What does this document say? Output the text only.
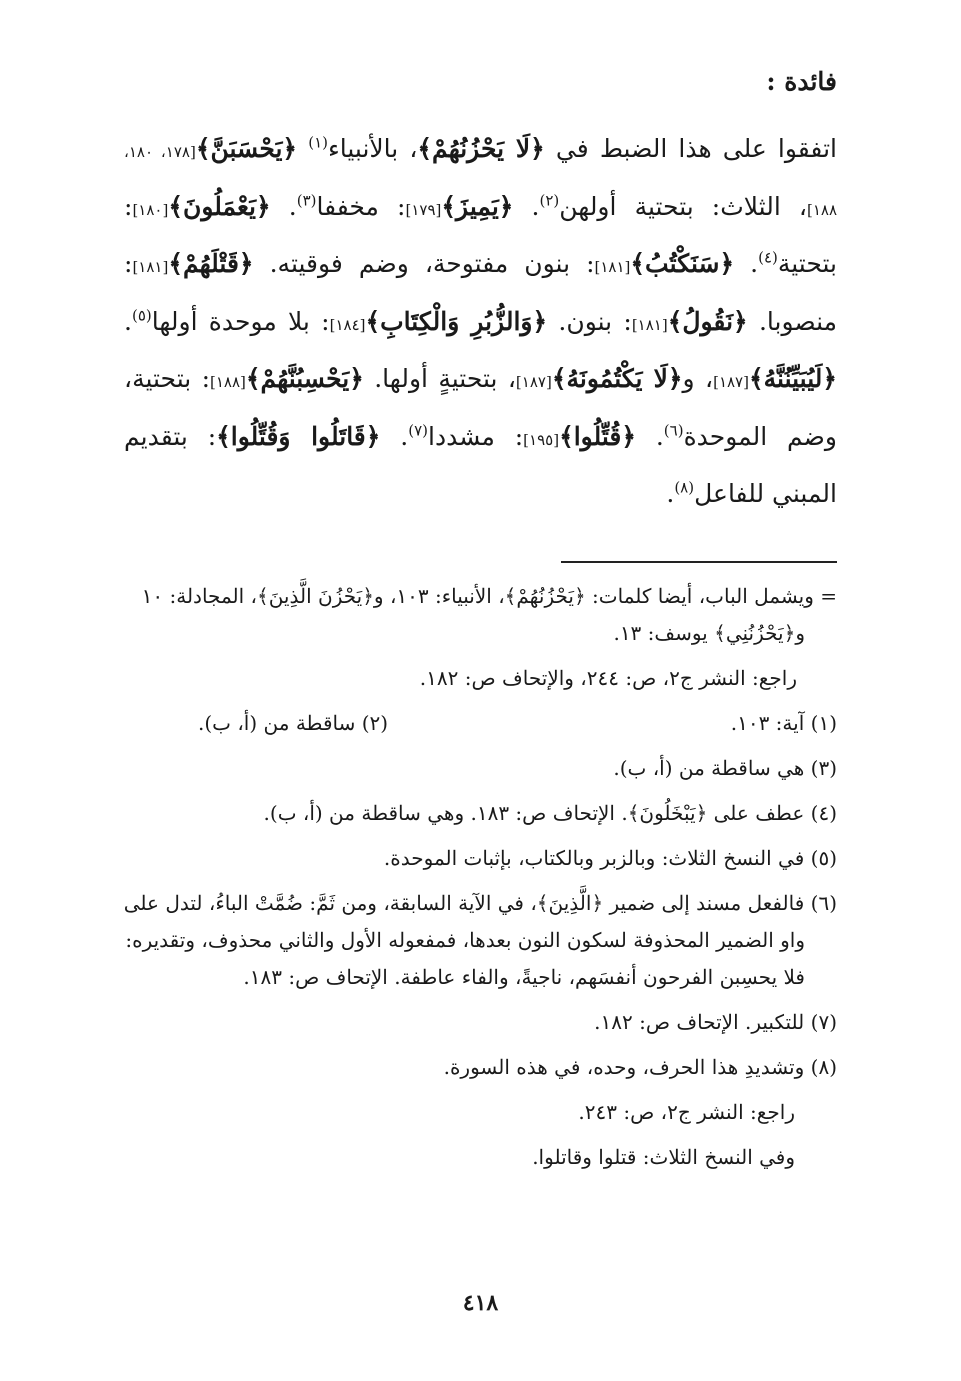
فائدة :

اتفقوا على هذا الضبط في ﴿لَا يَحْزُنُهُمْ﴾، بالأنبياء$^{(١)}$ ﴿يَحْسَبَنَّ﴾[١٧٨، ١٨٠، ١٨٨]، الثلاث: بتحتية أولهن$^{(٢)}$. ﴿يَمِيزَ﴾[١٧٩]: مخففا$^{(٣)}$. ﴿يَعْمَلُونَ﴾[١٨٠]: بتحتية$^{(٤)}$. ﴿سَنَكْتُبُ﴾[١٨١]: بنون مفتوحة، وضم فوقيته. ﴿قَتْلَهُمْ﴾[١٨١]: منصوبا. ﴿نَقُولُ﴾[١٨١]: بنون. ﴿وَالزُّبُرِ وَالْكِتَابِ﴾[١٨٤]: بلا موحدة أولها$^{(٥)}$. ﴿لَيُبَيِّنُنَّهُ﴾[١٨٧]، و﴿لَا يَكْتُمُونَهُ﴾[١٨٧]، بتحتيةٍ أولها. ﴿يَحْسِبُنَّهُمْ﴾[١٨٨]: بتحتية، وضم الموحدة$^{(٦)}$. ﴿قُتِّلُوا﴾[١٩٥]: مشددا$^{(٧)}$. ﴿قَاتَلُوا وَقُتِّلُوا﴾: بتقديم المبني للفاعل$^{(٨)}$.

= ويشمل الباب، أيضا كلمات: ﴿يَحْزُنُهُمْ﴾، الأنبياء: ١٠٣، و﴿يَحْزُنَ الَّذِينَ﴾، المجادلة: ١٠ و﴿يَحْزُنُنِي﴾ يوسف: ١٣.

راجع: النشر ج٢، ص: ٢٤٤، والإتحاف ص: ١٨٢.

(١) آية: ١٠٣.
(٢) ساقطة من (أ، ب).

(٣) هي ساقطة من (أ، ب).

(٤) عطف على ﴿يَبْخَلُونَ﴾. الإتحاف ص: ١٨٣. وهي ساقطة من (أ، ب).

(٥) في النسخ الثلاث: وبالزبر وبالكتاب، بإثبات الموحدة.

(٦) فالفعل مسند إلى ضمير ﴿الَّذِينَ﴾، في الآية السابقة، ومن ثَمَّ: ضُمَّتْ الباءُ، لتدل على واو الضمير المحذوفة لسكون النون بعدها، فمفعوله الأول والثاني محذوف، وتقديره: فلا يحسِبن الفرحون أنفسَهم، ناجيةً، والفاء عاطفة. الإتحاف ص: ١٨٣.

(٧) للتكبير. الإتحاف ص: ١٨٢.

(٨) وتشديدِ هذا الحرف، وحده، في هذه السورة.

راجع: النشر ج٢، ص: ٢٤٣.

وفي النسخ الثلاث: قتلوا وقاتلوا.

٤١٨
